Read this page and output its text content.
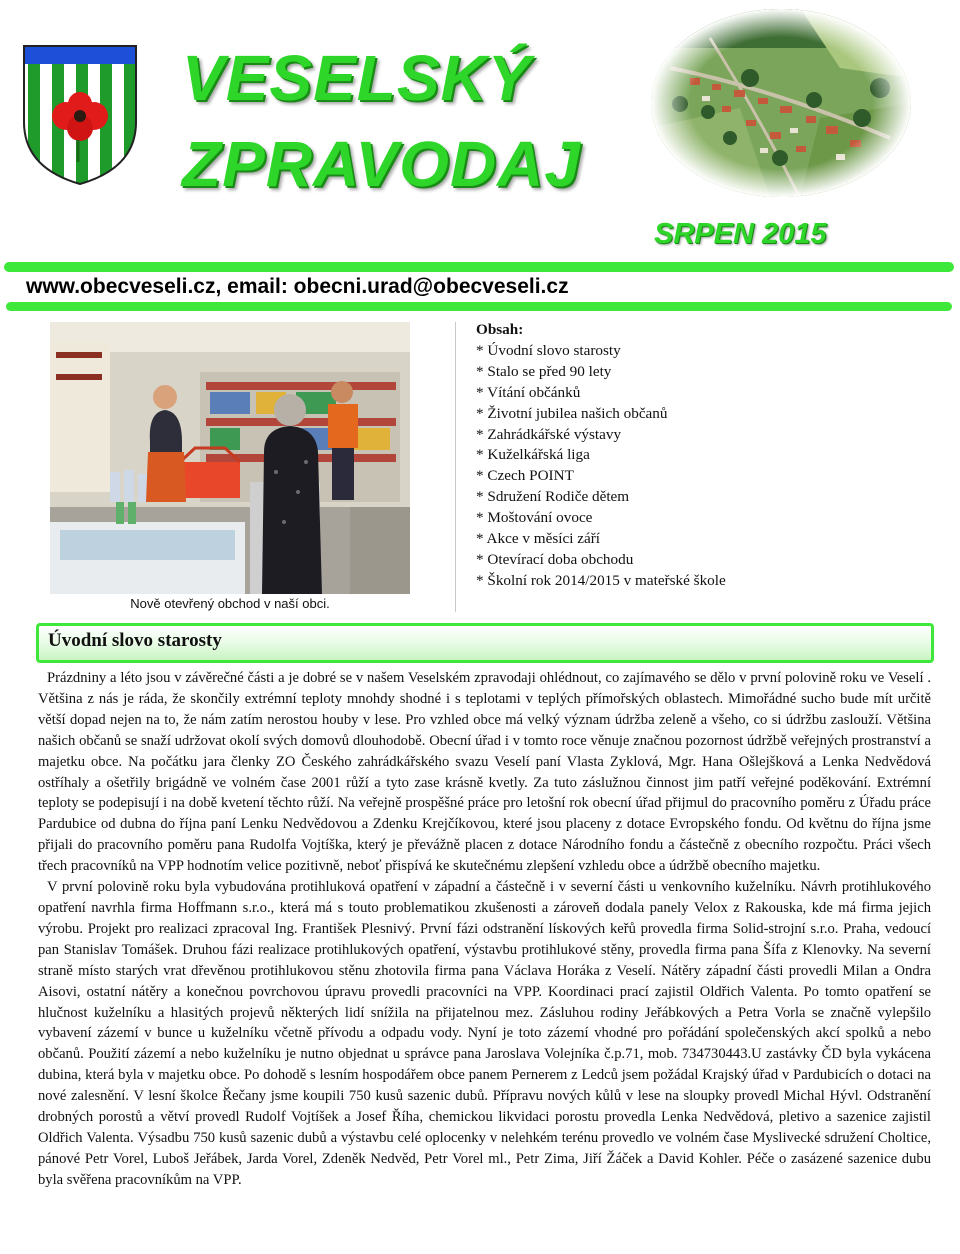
VESELSKÝ
ZPRAVODAJ
SRPEN 2015
www.obecveseli.cz, email: obecni.urad@obecveseli.cz
Nově otevřený obchod v naší obci.
Obsah:
* Úvodní slovo starosty
* Stalo se před 90 lety
* Vítání občánků
* Životní jubilea našich občanů
* Zahrádkářské výstavy
* Kuželkářská liga
* Czech POINT
* Sdružení Rodiče dětem
* Moštování ovoce
* Akce v měsíci září
* Otevírací doba obchodu
* Školní rok 2014/2015 v mateřské škole
Úvodní slovo starosty

Prázdniny a léto jsou v závěrečné části a je dobré se v našem Veselském zpravodaji ohlédnout, co zajímavého se dělo v první polovině roku ve Veselí . Většina z nás je ráda, že skončily extrémní teploty mnohdy shodné i s teplotami v teplých přímořských oblastech. Mimořádné sucho bude mít určitě větší dopad nejen na to, že nám zatím nerostou houby v lese. Pro vzhled obce má velký význam údržba zeleně a všeho, co si údržbu zaslouží. Většina našich občanů se snaží udržovat okolí svých domovů dlouhodobě. Obecní úřad i v tomto roce věnuje značnou pozornost údržbě veřejných prostranství a majetku obce. Na počátku jara členky ZO Českého zahrádkářského svazu Veselí paní Vlasta Zyklová, Mgr. Hana Ošlejšková a Lenka Nedvědová ostříhaly a ošetřily brigádně ve volném čase 2001 růží a tyto zase krásně kvetly. Za tuto záslužnou činnost jim patří veřejné poděkování. Extrémní teploty se podepisují i na době kvetení těchto růží. Na veřejně prospěšné práce pro letošní rok obecní úřad přijmul do pracovního poměru z Úřadu práce Pardubice od dubna do října paní Lenku Nedvědovou a Zdenku Krejčíkovou, které jsou placeny z dotace Evropského fondu. Od květnu do října jsme přijali do pracovního poměru pana Rudolfa Vojtíška, který je převážně placen z dotace Národního fondu a částečně z obecního rozpočtu. Práci všech třech pracovníků na VPP hodnotím velice pozitivně, neboť přispívá ke skutečnému zlepšení vzhledu obce a údržbě obecního majetku.

V první polovině roku byla vybudována protihluková opatření v západní a částečně i v severní části u venkovního kuželníku. Návrh protihlukového opatření navrhla firma Hoffmann s.r.o., která má s touto problematikou zkušenosti a zároveň dodala panely Velox z Rakouska, kde má firma jejich výrobu. Projekt pro realizaci zpracoval Ing. František Plesnivý. První fázi odstranění lískových keřů provedla firma Solid-strojní s.r.o. Praha, vedoucí pan Stanislav Tomášek. Druhou fázi realizace protihlukových opatření, výstavbu protihlukové stěny, provedla firma pana Šífa z Klenovky. Na severní straně místo starých vrat dřevěnou protihlukovou stěnu zhotovila firma pana Václava Horáka z Veselí. Nátěry západní části provedli Milan a Ondra Aisovi, ostatní nátěry a konečnou povrchovou úpravu provedli pracovníci na VPP. Koordinaci prací zajistil Oldřich Valenta. Po tomto opatření se hlučnost kuželníku a hlasitých projevů některých lidí snížila na přijatelnou mez. Zásluhou rodiny Jeřábkových a Petra Vorla se značně vylepšilo vybavení zázemí v bunce u kuželníku včetně přívodu a odpadu vody. Nyní je toto zázemí vhodné pro pořádání společenských akcí spolků a nebo občanů. Použití zázemí a nebo kuželníku je nutno objednat u správce pana Jaroslava Volejníka č.p.71, mob. 734730443.U zastávky ČD byla vykácena dubina, která byla v majetku obce. Po dohodě s lesním hospodářem obce panem Pernerem z Ledců jsem požádal Krajský úřad v Pardubicích o dotaci na nové zalesnění. V lesní školce Řečany jsme koupili 750 kusů sazenic dubů. Přípravu nových kůlů v lese na sloupky provedl Michal Hývl. Odstranění drobných porostů a větví provedl Rudolf Vojtíšek a Josef Říha, chemickou likvidaci porostu provedla Lenka Nedvědová, pletivo a sazenice zajistil Oldřich Valenta. Výsadbu 750 kusů sazenic dubů a výstavbu celé oplocenky v nelehkém terénu provedlo ve volném čase Myslivecké sdružení Choltice, pánové Petr Vorel, Luboš Jeřábek, Jarda Vorel, Zdeněk Nedvěd, Petr Vorel ml., Petr Zima, Jiří Žáček a David Kohler. Péče o zasázené sazenice dubu byla svěřena pracovníkům na VPP.
